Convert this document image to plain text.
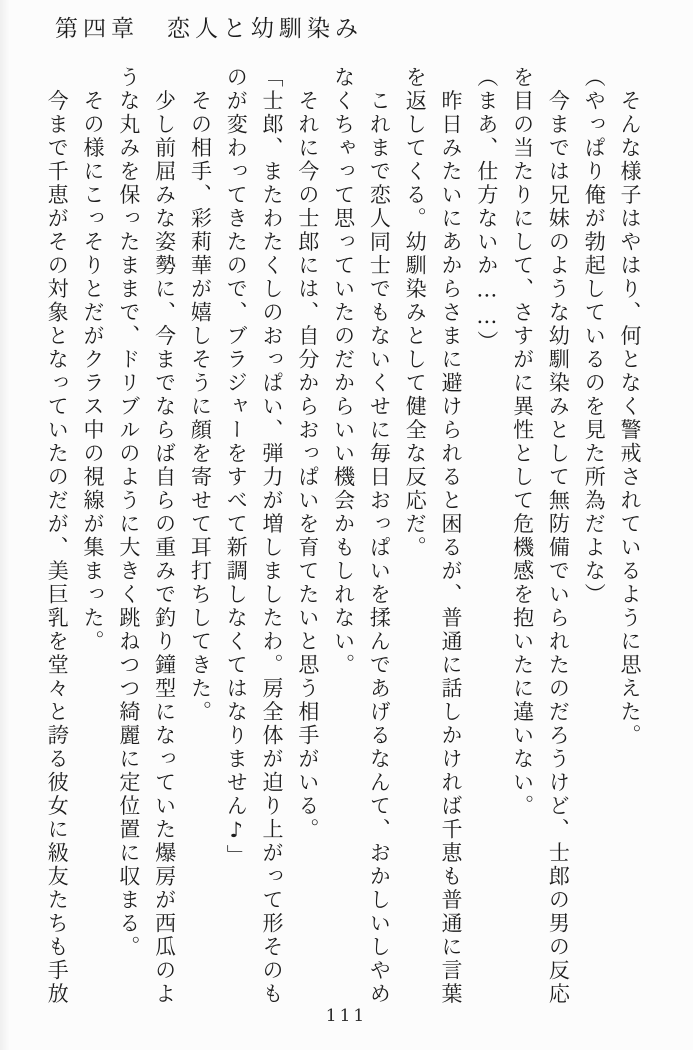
第四章　恋人と幼馴染み
　そんな様子はやはり、何となく警戒されているように思えた。
（やっぱり俺が勃起しているのを見た所為だよな）
　今までは兄妹のような幼馴染みとして無防備でいられたのだろうけど、士郎の男の反応
を目の当たりにして、さすがに異性として危機感を抱いたに違いない。
（まあ、仕方ないか……）
　昨日みたいにあからさまに避けられると困るが、普通に話しかければ千恵も普通に言葉
を返してくる。幼馴染みとして健全な反応だ。
　これまで恋人同士でもないくせに毎日おっぱいを揉んであげるなんて、おかしいしやめ
なくちゃって思っていたのだからいい機会かもしれない。
　それに今の士郎には、自分からおっぱいを育てたいと思う相手がいる。
「士郎、またわたくしのおっぱい、弾力が増しましたわ。房全体が迫り上がって形そのも
のが変わってきたので、ブラジャーをすべて新調しなくてはなりません♪」
　その相手、彩莉華が嬉しそうに顔を寄せて耳打ちしてきた。
　少し前屈みな姿勢に、今までならば自らの重みで釣り鐘型になっていた爆房が西瓜のよ
うな丸みを保ったままで、ドリブルのように大きく跳ねつつ綺麗に定位置に収まる。
　その様にこっそりとだがクラス中の視線が集まった。
　今まで千恵がその対象となっていたのだが、美巨乳を堂々と誇る彼女に級友たちも手放
111
